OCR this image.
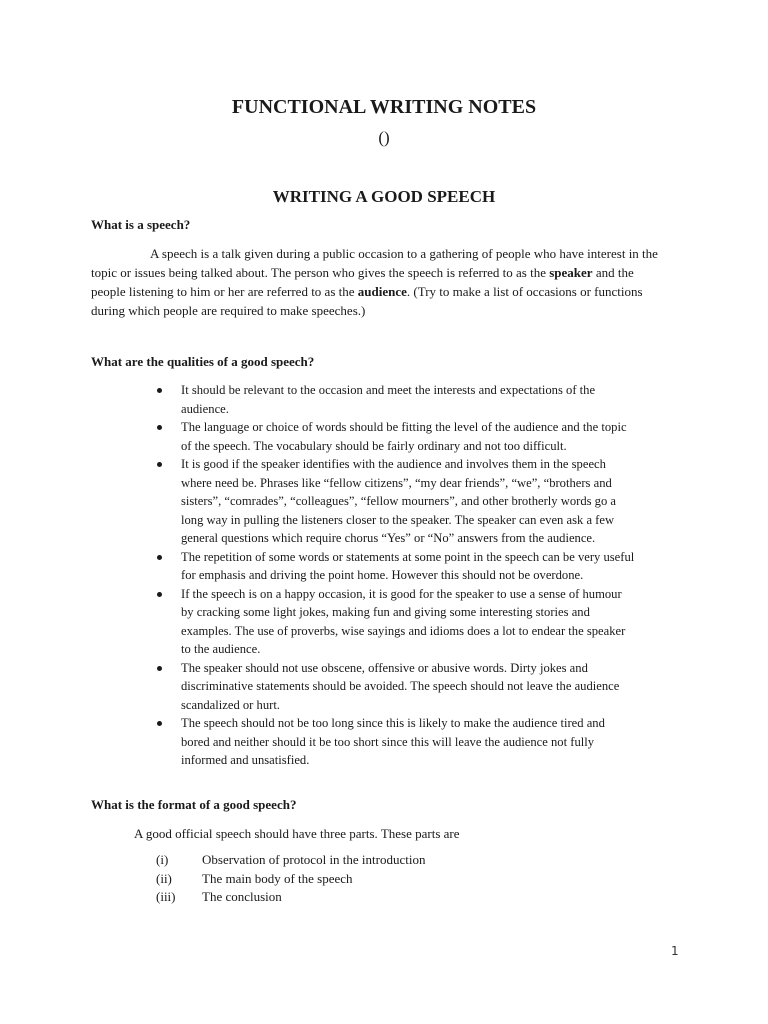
FUNCTIONAL WRITING NOTES
()
WRITING A GOOD SPEECH
What is a speech?

A speech is a talk given during a public occasion to a gathering of people who have interest in the
topic or issues being talked about. The person who gives the speech is referred to as the speaker and the
people listening to him or her are referred to as the audience. (Try to make a list of occasions or functions
during which people are required to make speeches.)

What are the qualities of a good speech?
It should be relevant to the occasion and meet the interests and expectations of the
audience.
The language or choice of words should be fitting the level of the audience and the topic
of the speech. The vocabulary should be fairly ordinary and not too difficult.
It is good if the speaker identifies with the audience and involves them in the speech
where need be. Phrases like “fellow citizens”, “my dear friends”, “we”, “brothers and
sisters”, “comrades”, “colleagues”, “fellow mourners”, and other brotherly words go a
long way in pulling the listeners closer to the speaker. The speaker can even ask a few
general questions which require chorus “Yes” or “No” answers from the audience.
The repetition of some words or statements at some point in the speech can be very useful
for emphasis and driving the point home. However this should not be overdone.
If the speech is on a happy occasion, it is good for the speaker to use a sense of humour
by cracking some light jokes, making fun and giving some interesting stories and
examples. The use of proverbs, wise sayings and idioms does a lot to endear the speaker
to the audience.
The speaker should not use obscene, offensive or abusive words. Dirty jokes and
discriminative statements should be avoided. The speech should not leave the audience
scandalized or hurt.
The speech should not be too long since this is likely to make the audience tired and
bored and neither should it be too short since this will leave the audience not fully
informed and unsatisfied.
What is the format of a good speech?
A good official speech should have three parts. These parts are
(i)	Observation of protocol in the introduction
(ii) The main body of the speech
(iii) The conclusion
1
